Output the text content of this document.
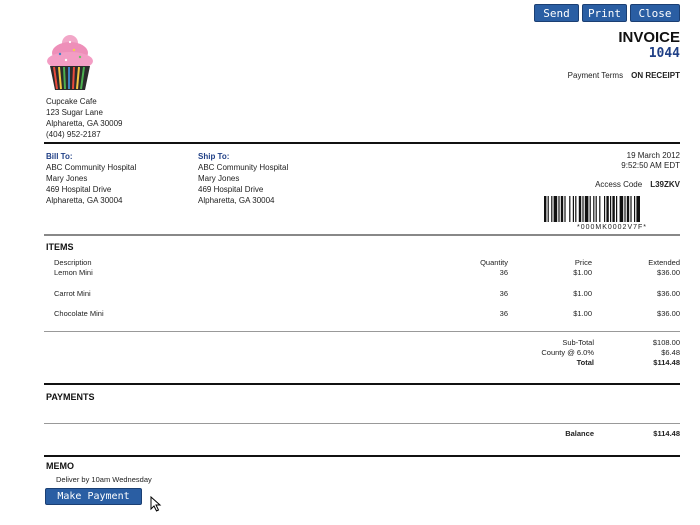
Send	Print	Close
INVOICE
1044
Payment Terms ON RECEIPT
Cupcake Cafe
123 Sugar Lane
Alpharetta, GA 30009
(404) 952-2187
Bill To:
ABC Community Hospital
Mary Jones
469 Hospital Drive
Alpharetta, GA 30004
Ship To:
ABC Community Hospital
Mary Jones
469 Hospital Drive
Alpharetta, GA 30004
19 March 2012
9:52:50 AM EDT
Access Code L39ZKV
*000MK0002V7F*
ITEMS
Description	Quantity	Price	Extended
Lemon Mini	36	$1.00	$36.00
Carrot Mini	36	$1.00	$36.00
Chocolate Mini	36	$1.00	$36.00
Sub-Total	$108.00
County @ 6.0%	$6.48
Total	$114.48
PAYMENTS
Balance	$114.48
MEMO
Deliver by 10am Wednesday
Make Payment
